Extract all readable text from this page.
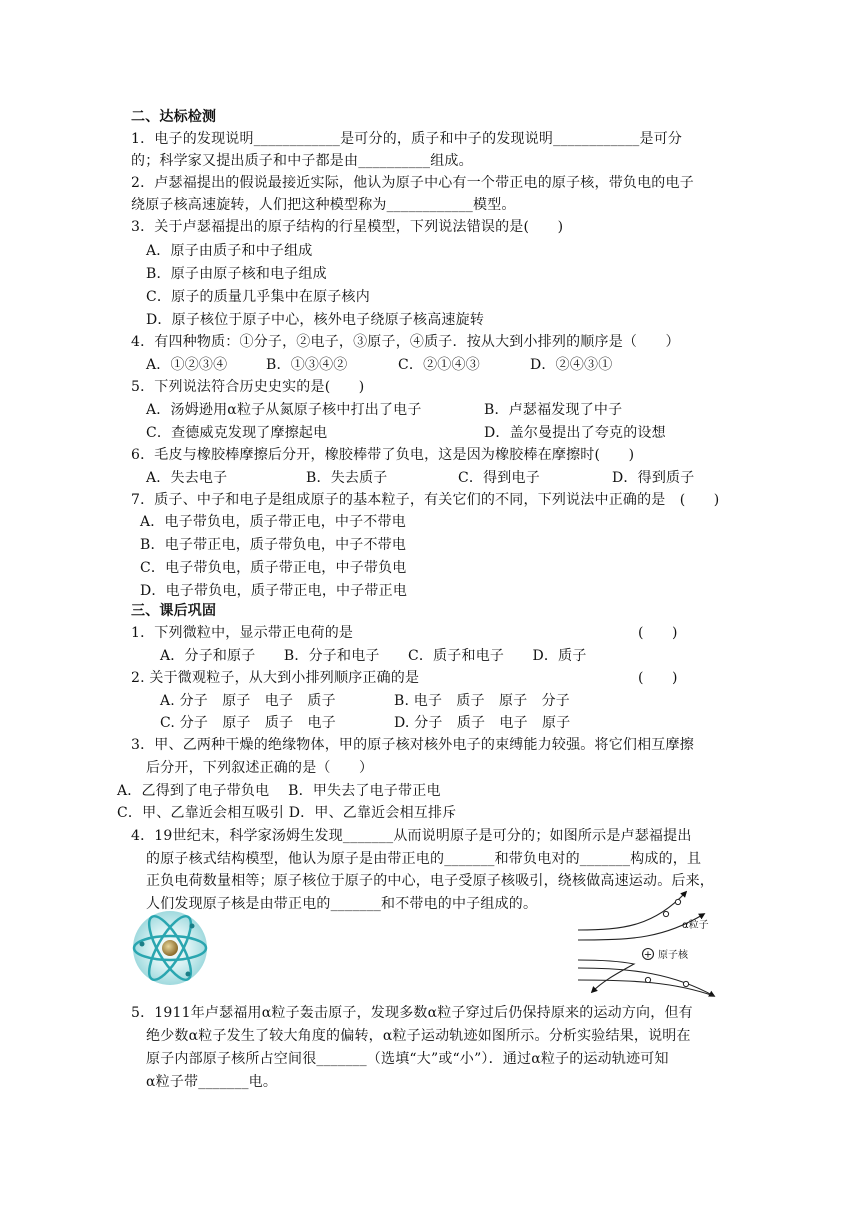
二、达标检测
1．电子的发现说明____________是可分的，质子和中子的发现说明____________是可分
的；科学家又提出质子和中子都是由__________组成。
2．卢瑟福提出的假说最接近实际，他认为原子中心有一个带正电的原子核，带负电的电子
绕原子核高速旋转，人们把这种模型称为____________模型。
3．关于卢瑟福提出的原子结构的行星模型，下列说法错误的是(　　)
A．原子由质子和中子组成
B．原子由原子核和电子组成
C．原子的质量几乎集中在原子核内
D．原子核位于原子中心，核外电子绕原子核高速旋转
4．有四种物质：①分子，②电子，③原子，④质子．按从大到小排列的顺序是（　　）
A．①②③④	B．①③④②	C．②①④③	D．②④③①
5．下列说法符合历史史实的是(　　)
A．汤姆逊用α粒子从氮原子核中打出了电子	B．卢瑟福发现了中子
C．查德威克发现了摩擦起电	D．盖尔曼提出了夸克的设想
6．毛皮与橡胶棒摩擦后分开，橡胶棒带了负电，这是因为橡胶棒在摩擦时(　　)
A．失去电子	B．失去质子	C．得到电子	D．得到质子
7．质子、中子和电子是组成原子的基本粒子，有关它们的不同，下列说法中正确的是　(　　)
A．电子带负电，质子带正电，中子不带电
B．电子带正电，质子带负电，中子不带电
C．电子带负电，质子带正电，中子带负电
D．电子带负电，质子带正电，中子带正电
三、课后巩固
1．下列微粒中，显示带正电荷的是	(　　)
A．分子和原子　　B．分子和电子　　C．质子和电子　　D．质子
2. 关于微观粒子，从大到小排列顺序正确的是	(　　)
A. 分子　原子　电子　质子	B. 电子　质子　原子　分子
C. 分子　原子　质子　电子	D. 分子　质子　电子　原子
3．甲、乙两种干燥的绝缘物体，甲的原子核对核外电子的束缚能力较强。将它们相互摩擦
后分开，下列叙述正确的是（　　）
A．乙得到了电子带负电　 B．甲失去了电子带正电
C．甲、乙靠近会相互吸引 D．甲、乙靠近会相互排斥
4．19世纪末，科学家汤姆生发现_______从而说明原子是可分的；如图所示是卢瑟福提出
的原子核式结构模型，他认为原子是由带正电的_______和带负电对的_______构成的，且
正负电荷数量相等；原子核位于原子的中心，电子受原子核吸引，绕核做高速运动。后来，
人们发现原子核是由带正电的_______和不带电的中子组成的。
+ 原子核
α粒子
5．1911年卢瑟福用α粒子轰击原子，发现多数α粒子穿过后仍保持原来的运动方向，但有
绝少数α粒子发生了较大角度的偏转，α粒子运动轨迹如图所示。分析实验结果，说明在
原子内部原子核所占空间很_______（选填“大”或“小”）．通过α粒子的运动轨迹可知
α粒子带_______电。
